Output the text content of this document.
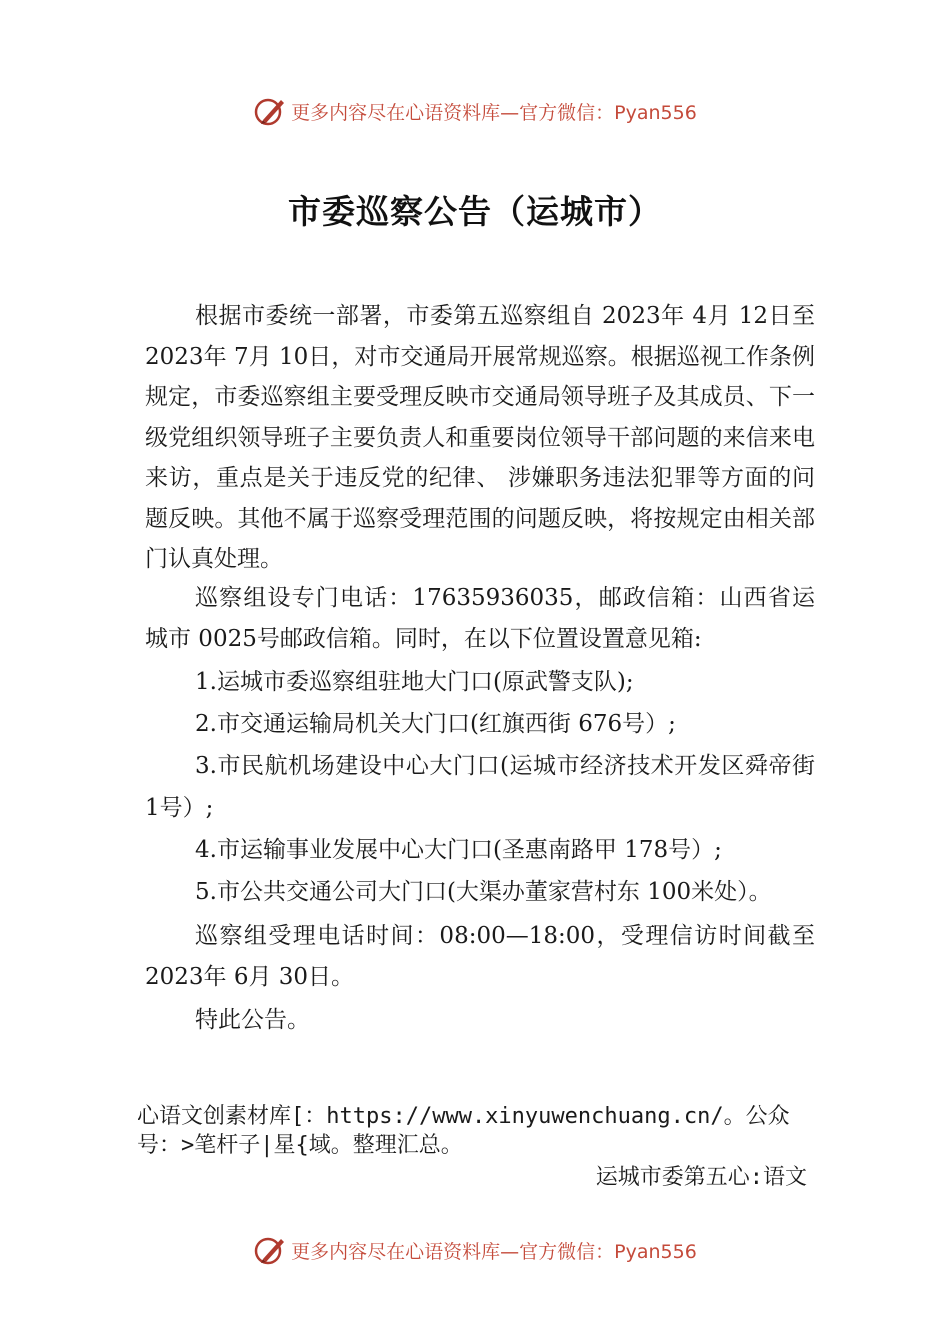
更多内容尽在心语资料库 —官方微信：Pyan556
市委巡察公告（运城市）

根据市委统一部署，市委第五巡察组自 2023年 4月 12日至 2023年 7月 10日，对市交通局开展常规巡察。根据巡视工作条例规定，市委巡察组主要受理反映市交通局领导班子及其成员、下一级党组织领导班子主要负责人和重要岗位领导干部问题的来信来电来访，重点是关于违反党的纪律、 涉嫌职务违法犯罪等方面的问题反映。其他不属于巡察受理范围的问题反映，将按规定由相关部门认真处理。

巡察组设专门电话：17635936035，邮政信箱：山西省运城市 0025号邮政信箱。同时，在以下位置设置意见箱:

1.运城市委巡察组驻地大门口(原武警支队);

2.市交通运输局机关大门口(红旗西街 676号）;

3.市民航机场建设中心大门口(运城市经济技术开发区舜帝街 1号）;

4.市运输事业发展中心大门口(圣惠南路甲 178号）;

5.市公共交通公司大门口(大渠办董家营村东 100米处）。

巡察组受理电话时间：08:00—18:00，受理信访时间截至 2023年 6月 30日。

特此公告。

心语文创素材库[：https://www.xinyuwenchuang.cn/。公众号：>笔杆子|星{域。整理汇总。

运城市委第五心:语文

更多内容尽在心语资料库 —官方微信：Pyan556
